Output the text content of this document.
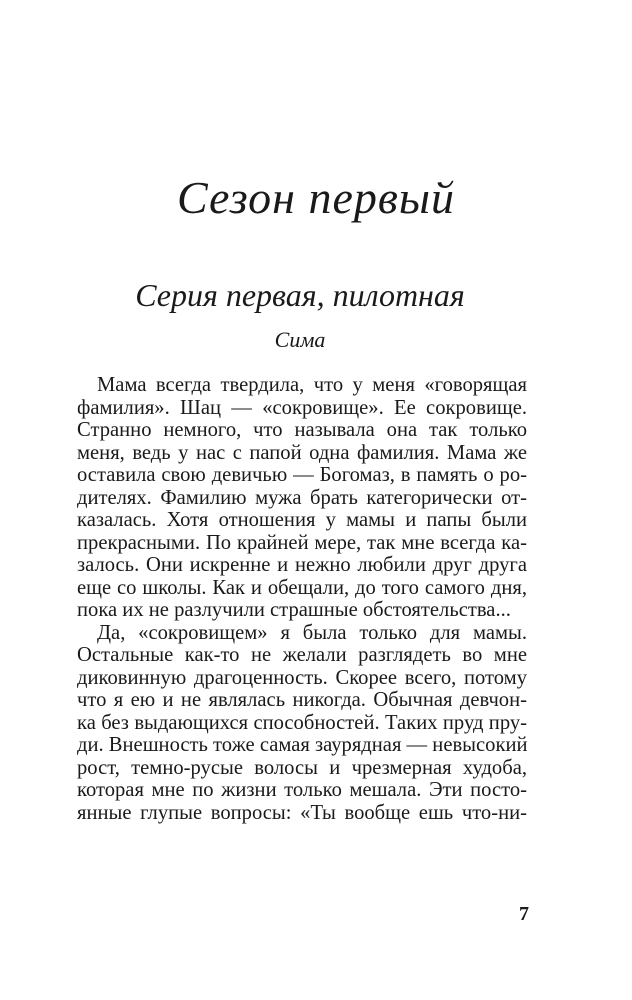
Сезон первый
Серия первая, пилотная
Сима
Мама всегда твердила, что у меня «говорящая
фамилия». Шац — «сокровище». Ее сокровище.
Странно немного, что называла она так только
меня, ведь у нас с папой одна фамилия. Мама же
оставила свою девичью — Богомаз, в память о ро-
дителях. Фамилию мужа брать категорически от-
казалась. Хотя отношения у мамы и папы были
прекрасными. По крайней мере, так мне всегда ка-
залось. Они искренне и нежно любили друг друга
еще со школы. Как и обещали, до того самого дня,
пока их не разлучили страшные обстоятельства...
Да, «сокровищем» я была только для мамы.
Остальные как-то не желали разглядеть во мне
диковинную драгоценность. Скорее всего, потому
что я ею и не являлась никогда. Обычная девчон-
ка без выдающихся способностей. Таких пруд пру-
ди. Внешность тоже самая заурядная — невысокий
рост, темно-русые волосы и чрезмерная худоба,
которая мне по жизни только мешала. Эти посто-
янные глупые вопросы: «Ты вообще ешь что-ни-
7
